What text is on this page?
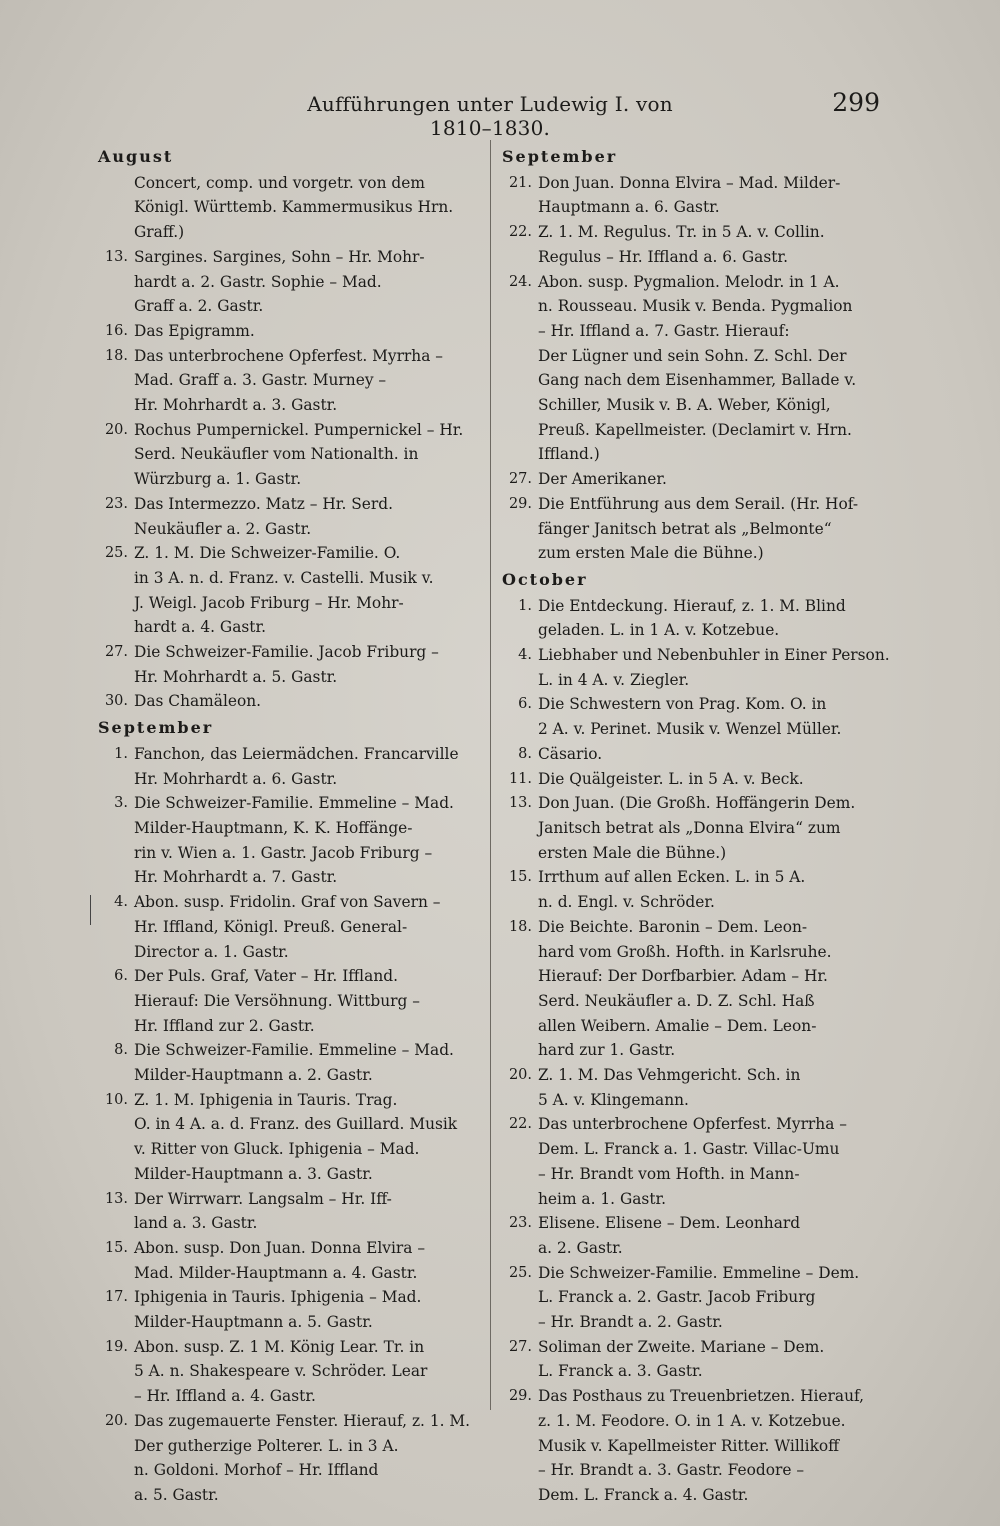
Aufführungen unter Ludewig I. von 1810–1830.
299
August
Concert, comp. und vorgetr. von dem
Königl. Württemb. Kammermusikus Hrn.
Graff.)
13. Sargines. Sargines, Sohn – Hr. Mohr-
hardt a. 2. Gastr. Sophie – Mad.
Graff a. 2. Gastr.
16. Das Epigramm.
18. Das unterbrochene Opferfest. Myrrha –
Mad. Graff a. 3. Gastr. Murney –
Hr. Mohrhardt a. 3. Gastr.
20. Rochus Pumpernickel. Pumpernickel – Hr.
Serd. Neukäufler vom Nationalth. in
Würzburg a. 1. Gastr.
23. Das Intermezzo. Matz – Hr. Serd.
Neukäufler a. 2. Gastr.
25. Z. 1. M. Die Schweizer-Familie. O.
in 3 A. n. d. Franz. v. Castelli. Musik v.
J. Weigl. Jacob Friburg – Hr. Mohr-
hardt a. 4. Gastr.
27. Die Schweizer-Familie. Jacob Friburg –
Hr. Mohrhardt a. 5. Gastr.
30. Das Chamäleon.
September
1. Fanchon, das Leiermädchen. Francarville
Hr. Mohrhardt a. 6. Gastr.
3. Die Schweizer-Familie. Emmeline – Mad.
Milder-Hauptmann, K. K. Hoffänge-
rin v. Wien a. 1. Gastr. Jacob Friburg –
Hr. Mohrhardt a. 7. Gastr.
4. Abon. susp. Fridolin. Graf von Savern –
Hr. Iffland, Königl. Preuß. General-
Director a. 1. Gastr.
6. Der Puls. Graf, Vater – Hr. Iffland.
Hierauf: Die Versöhnung. Wittburg –
Hr. Iffland zur 2. Gastr.
8. Die Schweizer-Familie. Emmeline – Mad.
Milder-Hauptmann a. 2. Gastr.
10. Z. 1. M. Iphigenia in Tauris. Trag.
O. in 4 A. a. d. Franz. des Guillard. Musik
v. Ritter von Gluck. Iphigenia – Mad.
Milder-Hauptmann a. 3. Gastr.
13. Der Wirrwarr. Langsalm – Hr. Iff-
land a. 3. Gastr.
15. Abon. susp. Don Juan. Donna Elvira –
Mad. Milder-Hauptmann a. 4. Gastr.
17. Iphigenia in Tauris. Iphigenia – Mad.
Milder-Hauptmann a. 5. Gastr.
19. Abon. susp. Z. 1 M. König Lear. Tr. in
5 A. n. Shakespeare v. Schröder. Lear
– Hr. Iffland a. 4. Gastr.
20. Das zugemauerte Fenster. Hierauf, z. 1. M.
Der gutherzige Polterer. L. in 3 A.
n. Goldoni. Morhof – Hr. Iffland
a. 5. Gastr.
September
21. Don Juan. Donna Elvira – Mad. Milder-
Hauptmann a. 6. Gastr.
22. Z. 1. M. Regulus. Tr. in 5 A. v. Collin.
Regulus – Hr. Iffland a. 6. Gastr.
24. Abon. susp. Pygmalion. Melodr. in 1 A.
n. Rousseau. Musik v. Benda. Pygmalion
– Hr. Iffland a. 7. Gastr. Hierauf:
Der Lügner und sein Sohn. Z. Schl. Der
Gang nach dem Eisenhammer, Ballade v.
Schiller, Musik v. B. A. Weber, Königl,
Preuß. Kapellmeister. (Declamirt v. Hrn.
Iffland.)
27. Der Amerikaner.
29. Die Entführung aus dem Serail. (Hr. Hof-
fänger Janitsch betrat als „Belmonte“
zum ersten Male die Bühne.)
October
1. Die Entdeckung. Hierauf, z. 1. M. Blind
geladen. L. in 1 A. v. Kotzebue.
4. Liebhaber und Nebenbuhler in Einer Person.
L. in 4 A. v. Ziegler.
6. Die Schwestern von Prag. Kom. O. in
2 A. v. Perinet. Musik v. Wenzel Müller.
8. Cäsario.
11. Die Quälgeister. L. in 5 A. v. Beck.
13. Don Juan. (Die Großh. Hoffängerin Dem.
Janitsch betrat als „Donna Elvira“ zum
ersten Male die Bühne.)
15. Irrthum auf allen Ecken. L. in 5 A.
n. d. Engl. v. Schröder.
18. Die Beichte. Baronin – Dem. Leon-
hard vom Großh. Hofth. in Karlsruhe.
Hierauf: Der Dorfbarbier. Adam – Hr.
Serd. Neukäufler a. D. Z. Schl. Haß
allen Weibern. Amalie – Dem. Leon-
hard zur 1. Gastr.
20. Z. 1. M. Das Vehmgericht. Sch. in
5 A. v. Klingemann.
22. Das unterbrochene Opferfest. Myrrha –
Dem. L. Franck a. 1. Gastr. Villac-Umu
– Hr. Brandt vom Hofth. in Mann-
heim a. 1. Gastr.
23. Elisene. Elisene – Dem. Leonhard
a. 2. Gastr.
25. Die Schweizer-Familie. Emmeline – Dem.
L. Franck a. 2. Gastr. Jacob Friburg
– Hr. Brandt a. 2. Gastr.
27. Soliman der Zweite. Mariane – Dem.
L. Franck a. 3. Gastr.
29. Das Posthaus zu Treuenbrietzen. Hierauf,
z. 1. M. Feodore. O. in 1 A. v. Kotzebue.
Musik v. Kapellmeister Ritter. Willikoff
– Hr. Brandt a. 3. Gastr. Feodore –
Dem. L. Franck a. 4. Gastr.
